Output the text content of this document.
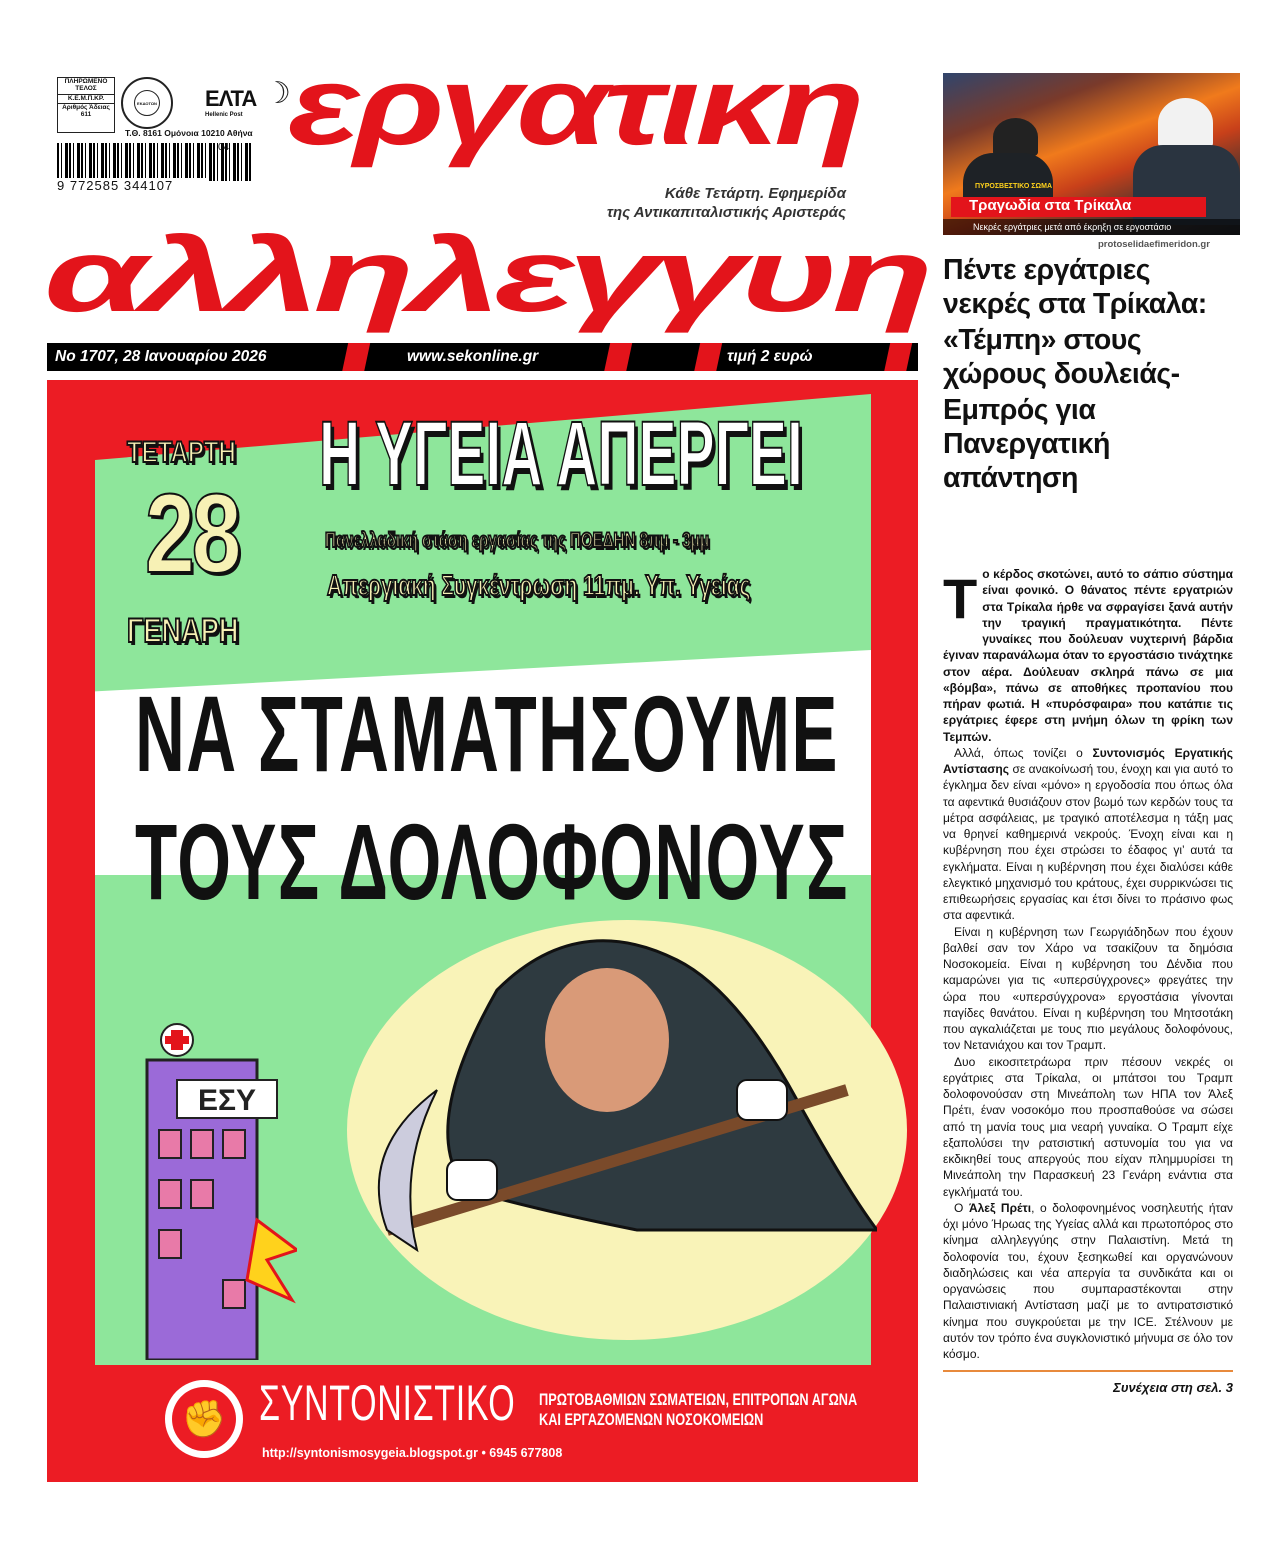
ΠΛΗΡΩΜΕΝΟ ΤΕΛΟΣ
Κ.Ε.Μ.Π.ΚΡ.
Αριθμός Άδειας 611
ΕΚΔΟΤΩΝ ΕΛΤΑ
Hellenic Post
☽
Τ.Θ. 8161 Ομόνοια 10210 Αθήνα
9 772585 344107
04 εργατικη
αλληλεγγυη
Κάθε Τετάρτη. Εφημερίδα
της Αντικαπιταλιστικής Αριστεράς
Νο 1707, 28 Ιανουαρίου 2026	www.sekonline.gr	τιμή 2 ευρώ
ΤΕΤΑΡΤΗ
28
ΓΕΝΑΡΗ
Η ΥΓΕΙΑ ΑΠΕΡΓΕΙ
Πανελλαδική στάση εργασίας της ΠΟΕΔΗΝ 8πμ - 3μμ
Απεργιακή Συγκέντρωση 11πμ. Υπ. Υγείας
ΝΑ ΣΤΑΜΑΤΗΣΟΥΜΕ
ΤΟΥΣ ΔΟΛΟΦΟΝΟΥΣ
ΕΣΥ
✊ ΣΥΝΤΟΝΙΣΤΙΚΟ ΠΡΩΤΟΒΑΘΜΙΩΝ ΣΩΜΑΤΕΙΩΝ, ΕΠΙΤΡΟΠΩΝ ΑΓΩΝΑ
ΚΑΙ ΕΡΓΑΖΟΜΕΝΩΝ ΝΟΣΟΚΟΜΕΙΩΝ
http://syntonismosygeia.blogspot.gr • 6945 677808
ΠΥΡΟΣΒΕΣΤΙΚΟ ΣΩΜΑ
Τραγωδία στα Τρίκαλα
Νεκρές εργάτριες μετά από έκρηξη σε εργοστάσιο
protoselidaefimeridon.gr
Πέντε εργάτριες νεκρές στα Τρίκαλα:
«Τέμπη» στους χώρους δουλειάς-
Εμπρός για Πανεργατική απάντηση

Το κέρδος σκοτώνει, αυτό το σάπιο σύστημα είναι φονικό. Ο θάνατος πέντε εργατριών στα Τρίκαλα ήρθε να σφραγίσει ξανά αυτήν την τραγική πραγματικότητα. Πέντε γυναίκες που δούλευαν νυχτερινή βάρδια έγιναν παρανάλωμα όταν το εργοστάσιο τινάχτηκε στον αέρα. Δούλευαν σκληρά πάνω σε μια «βόμβα», πάνω σε αποθήκες προπανίου που πήραν φωτιά. Η «πυρόσφαιρα» που κατάπιε τις εργάτριες έφερε στη μνήμη όλων τη φρίκη των Τεμπών.

Αλλά, όπως τονίζει ο Συντονισμός Εργατικής Αντίστασης σε ανακοίνωσή του, ένοχη και για αυτό το έγκλημα δεν είναι «μόνο» η εργοδοσία που όπως όλα τα αφεντικά θυσιάζουν στον βωμό των κερδών τους τα μέτρα ασφάλειας, με τραγικό αποτέλεσμα η τάξη μας να θρηνεί καθημερινά νεκρούς. Ένοχη είναι και η κυβέρνηση που έχει στρώσει το έδαφος γι’ αυτά τα εγκλήματα. Είναι η κυβέρνηση που έχει διαλύσει κάθε ελεγκτικό μηχανισμό του κράτους, έχει συρρικνώσει τις επιθεωρήσεις εργασίας και έτσι δίνει το πράσινο φως στα αφεντικά.

Είναι η κυβέρνηση των Γεωργιάδηδων που έχουν βαλθεί σαν τον Χάρο να τσακίζουν τα δημόσια Νοσοκομεία. Είναι η κυβέρνηση του Δένδια που καμαρώνει για τις «υπερσύγχρονες» φρεγάτες την ώρα που «υπερσύγχρονα» εργοστάσια γίνονται παγίδες θανάτου. Είναι η κυβέρνηση του Μητσοτάκη που αγκαλιάζεται με τους πιο μεγάλους δολοφόνους, τον Νετανιάχου και τον Τραμπ.

Δυο εικοσιτετράωρα πριν πέσουν νεκρές οι εργάτριες στα Τρίκαλα, οι μπάτσοι του Τραμπ δολοφονούσαν στη Μινεάπολη των ΗΠΑ τον Άλεξ Πρέτι, έναν νοσοκόμο που προσπαθούσε να σώσει από τη μανία τους μια νεαρή γυναίκα. Ο Τραμπ είχε εξαπολύσει την ρατσιστική αστυνομία του για να εκδικηθεί τους απεργούς που είχαν πλημμυρίσει τη Μινεάπολη την Παρασκευή 23 Γενάρη ενάντια στα εγκλήματά του.

Ο Άλεξ Πρέτι, ο δολοφονημένος νοσηλευτής ήταν όχι μόνο Ήρωας της Υγείας αλλά και πρωτοπόρος στο κίνημα αλληλεγγύης στην Παλαιστίνη. Μετά τη δολοφονία του, έχουν ξεσηκωθεί και οργανώνουν διαδηλώσεις και νέα απεργία τα συνδικάτα και οι οργανώσεις που συμπαραστέκονται στην Παλαιστινιακή Αντίσταση μαζί με το αντιρατσιστικό κίνημα που συγκρούεται με την ICE. Στέλνουν με αυτόν τον τρόπο ένα συγκλονιστικό μήνυμα σε όλο τον κόσμο.

Συνέχεια στη σελ. 3
